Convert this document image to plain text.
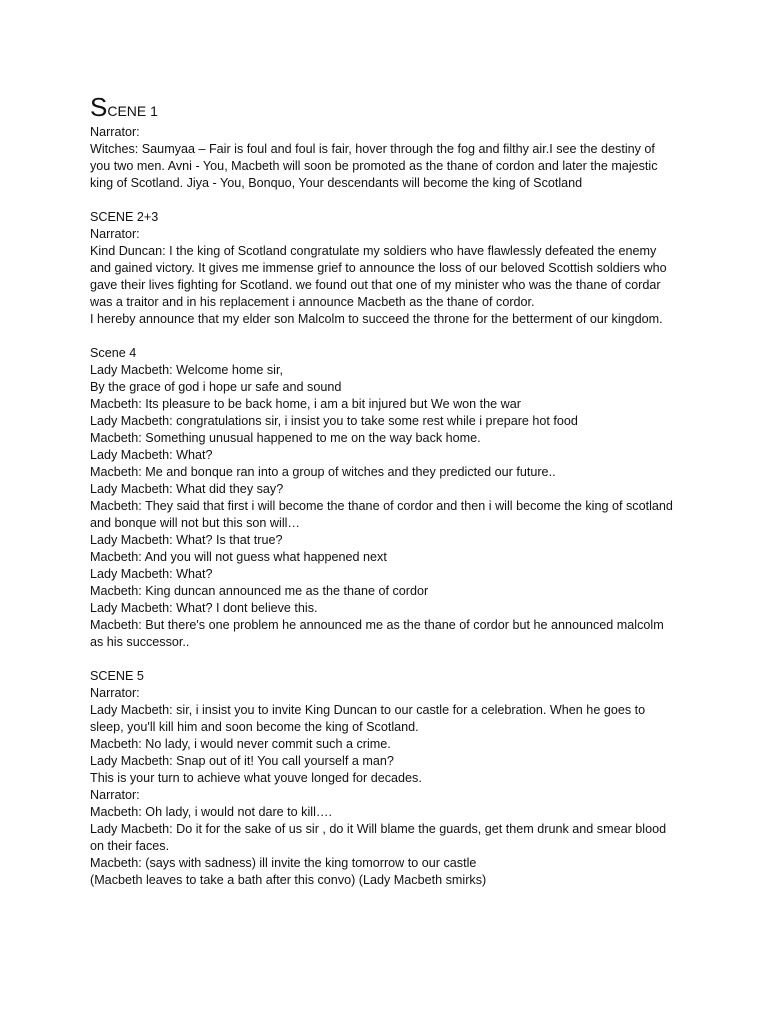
SCENE 1
Narrator:
Witches: Saumyaa – Fair is foul and foul is fair, hover through the fog and filthy air.I see the destiny of
you two men. Avni - You, Macbeth will soon be promoted as the thane of cordon and later the majestic
king of Scotland. Jiya - You, Bonquo, Your descendants will become the king of Scotland
SCENE 2+3
Narrator:
Kind Duncan: I the king of Scotland congratulate my soldiers who have flawlessly defeated the enemy
and gained victory. It gives me immense grief to announce the loss of our beloved Scottish soldiers who
gave their lives fighting for Scotland. we found out that one of my minister who was the thane of cordar
was a traitor and in his replacement i announce Macbeth as the thane of cordor.
I hereby announce that my elder son Malcolm to succeed the throne for the betterment of our kingdom.
Scene 4
Lady Macbeth: Welcome home sir,
By the grace of god i hope ur safe and sound
Macbeth: Its pleasure to be back home, i am a bit injured but We won the war
Lady Macbeth: congratulations sir, i insist you to take some rest while i prepare hot food
Macbeth: Something unusual happened to me on the way back home.
Lady Macbeth: What?
Macbeth: Me and bonque ran into a group of witches and they predicted our future..
Lady Macbeth: What did they say?
Macbeth: They said that first i will become the thane of cordor and then i will become the king of scotland
and bonque will not but this son will…
Lady Macbeth: What? Is that true?
Macbeth: And you will not guess what happened next
Lady Macbeth: What?
Macbeth: King duncan announced me as the thane of cordor
Lady Macbeth: What? I dont believe this.
Macbeth: But there's one problem he announced me as the thane of cordor but he announced malcolm
as his successor..
SCENE 5
Narrator:
Lady Macbeth: sir, i insist you to invite King Duncan to our castle for a celebration. When he goes to
sleep, you'll kill him and soon become the king of Scotland.
Macbeth: No lady, i would never commit such a crime.
Lady Macbeth: Snap out of it! You call yourself a man?
This is your turn to achieve what youve longed for decades.
Narrator:
Macbeth: Oh lady, i would not dare to kill….
Lady Macbeth: Do it for the sake of us sir , do it Will blame the guards, get them drunk and smear blood
on their faces.
Macbeth: (says with sadness) ill invite the king tomorrow to our castle
(Macbeth leaves to take a bath after this convo) (Lady Macbeth smirks)
